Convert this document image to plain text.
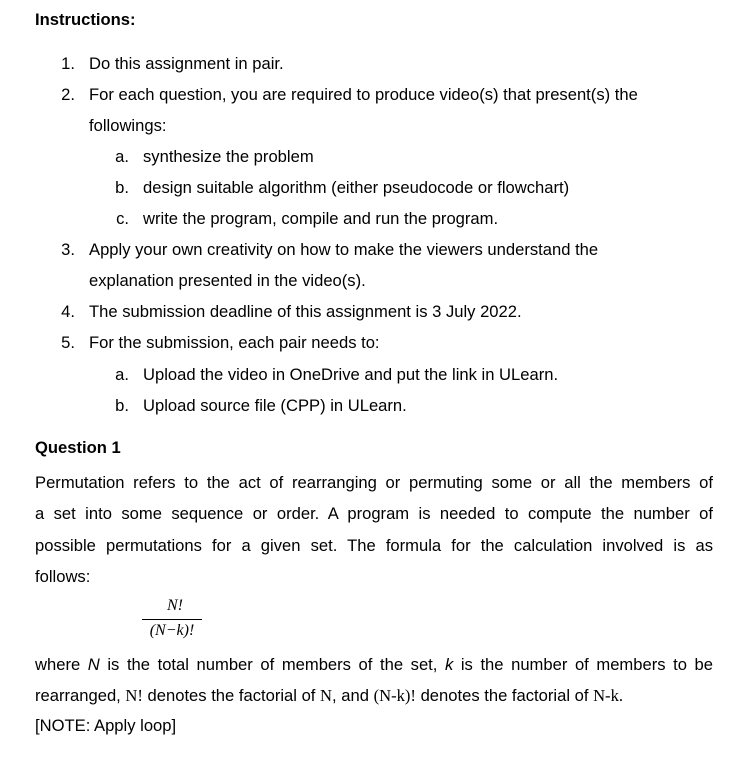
Instructions:
1. Do this assignment in pair.
2. For each question, you are required to produce video(s) that present(s) the
followings:
a. synthesize the problem
b. design suitable algorithm (either pseudocode or flowchart)
c. write the program, compile and run the program.
3. Apply your own creativity on how to make the viewers understand the
explanation presented in the video(s).
4. The submission deadline of this assignment is 3 July 2022.
5. For the submission, each pair needs to:
a. Upload the video in OneDrive and put the link in ULearn.
b. Upload source file (CPP) in ULearn.
Question 1
Permutation refers to the act of rearranging or permuting some or all the members of
a set into some sequence or order. A program is needed to compute the number of
possible permutations for a given set. The formula for the calculation involved is as
follows:
N!
(N−k)!
where N is the total number of members of the set, k is the number of members to be
rearranged, N! denotes the factorial of N, and (N-k)! denotes the factorial of N-k.
[NOTE: Apply loop]
